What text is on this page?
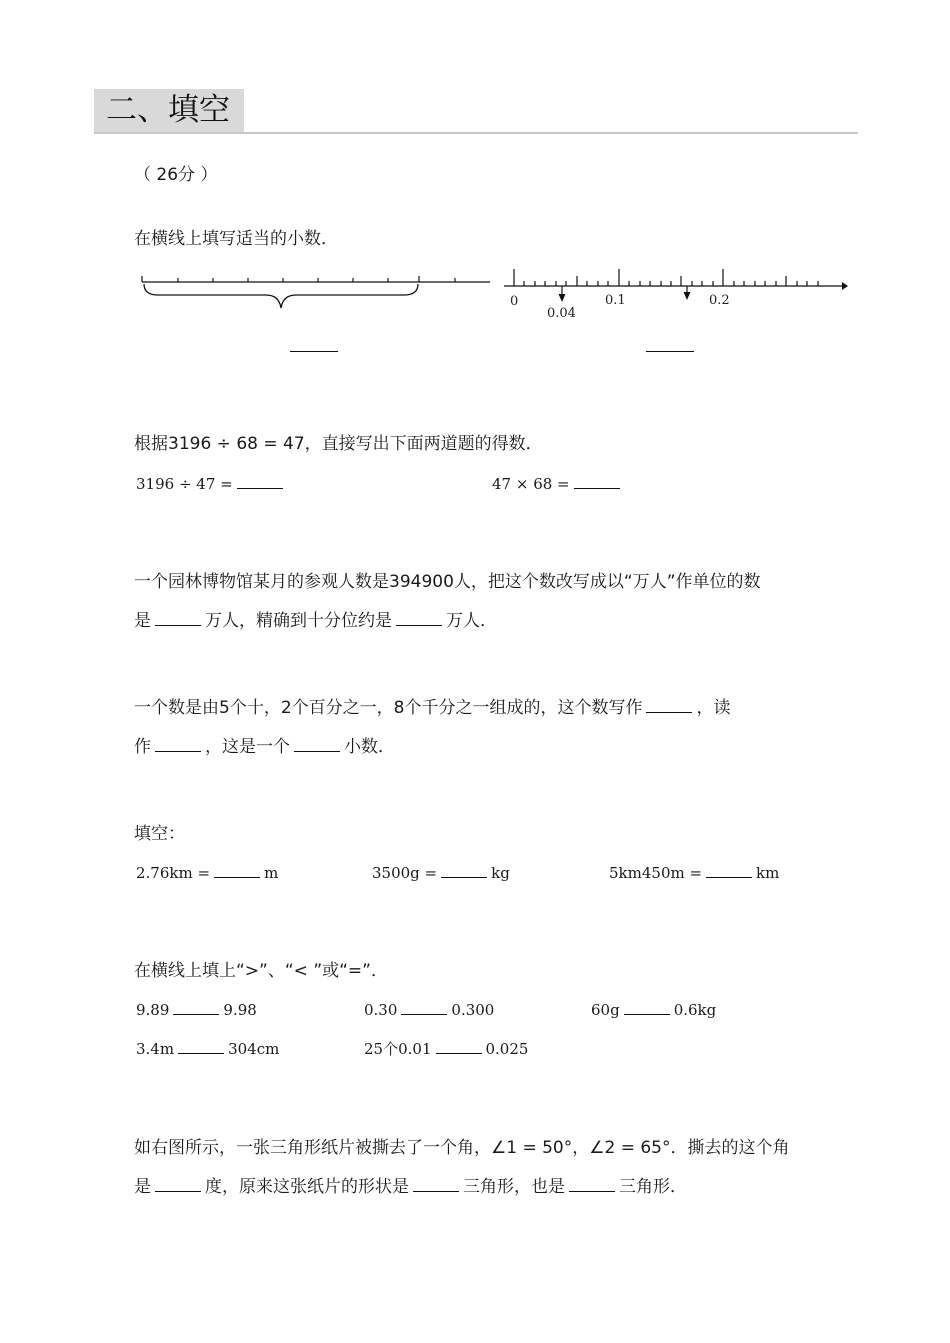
二、填空
（ 26分 ）
在横线上填写适当的小数．
0
0.04
0.1	0.2
根据3196 ÷ 68 = 47，直接写出下面两道题的得数．
3196 ÷ 47 =	47 × 68 =
一个园林博物馆某月的参观人数是394900人，把这个数改写成以“万人”作单位的数
是	万人，精确到十分位约是	万人．
一个数是由5个十，2个百分之一，8个千分之一组成的，这个数写作	，读
作	，这是一个	小数．
填空：
2.76km =	m	3500g =	kg	5km450m =	km
在横线上填上“>”、“< ”或“=”．
9.89	9.98	0.30	0.300	60g	0.6kg
3.4m	304cm	25个0.01	0.025
如右图所示，一张三角形纸片被撕去了一个角，∠1 = 50°，∠2 = 65°．撕去的这个角
是	度，原来这张纸片的形状是	三角形，也是	三角形．
